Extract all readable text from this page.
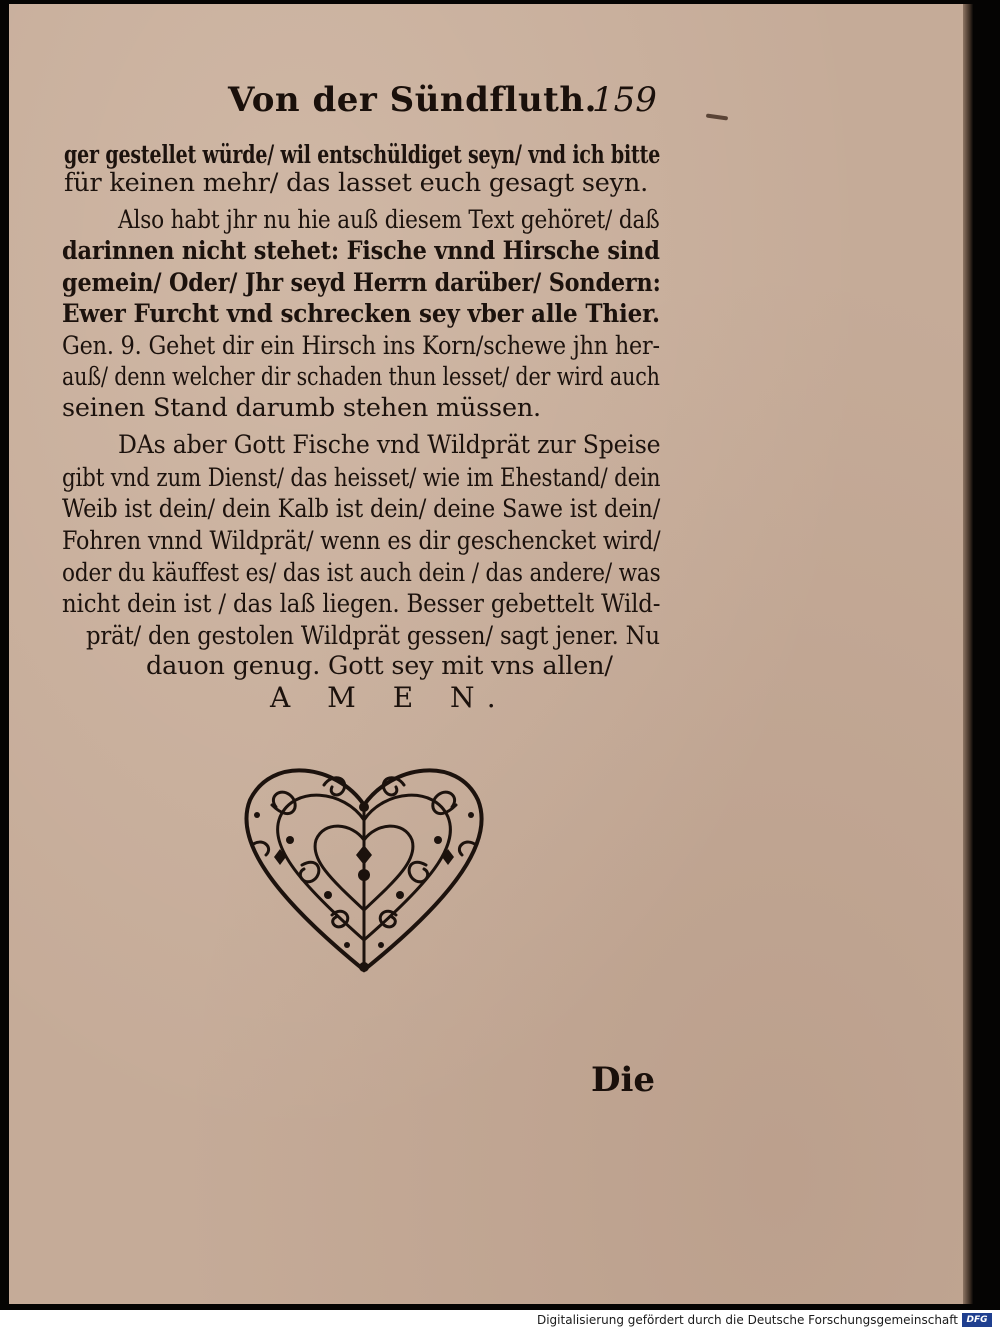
Von der Sündfluth.
159
ger gestellet würde/ wil entschüldiget seyn/ vnd ich bitte
für keinen mehr/ das lasset euch gesagt seyn.
Also habt jhr nu hie auß diesem Text gehöret/ daß
darinnen nicht stehet: Fische vnnd Hirsche sind
gemein/ Oder/ Jhr seyd Herrn darüber/ Sondern:
Ewer Furcht vnd schrecken sey vber alle Thier.
Gen. 9. Gehet dir ein Hirsch ins Korn/schewe jhn her-
auß/ denn welcher dir schaden thun lesset/ der wird auch
seinen Stand darumb stehen müssen.
DAs aber Gott Fische vnd Wildprät zur Speise
gibt vnd zum Dienst/ das heisset/ wie im Ehestand/ dein
Weib ist dein/ dein Kalb ist dein/ deine Sawe ist dein/
Fohren vnnd Wildprät/ wenn es dir geschencket wird/
oder du käuffest es/ das ist auch dein / das andere/ was
nicht dein ist / das laß liegen. Besser gebettelt Wild-
prät/ den gestolen Wildprät gessen/ sagt jener. Nu
dauon genug. Gott sey mit vns allen/
A M E N.
Die
Digitalisierung gefördert durch die Deutsche Forschungsgemeinschaft DFG
